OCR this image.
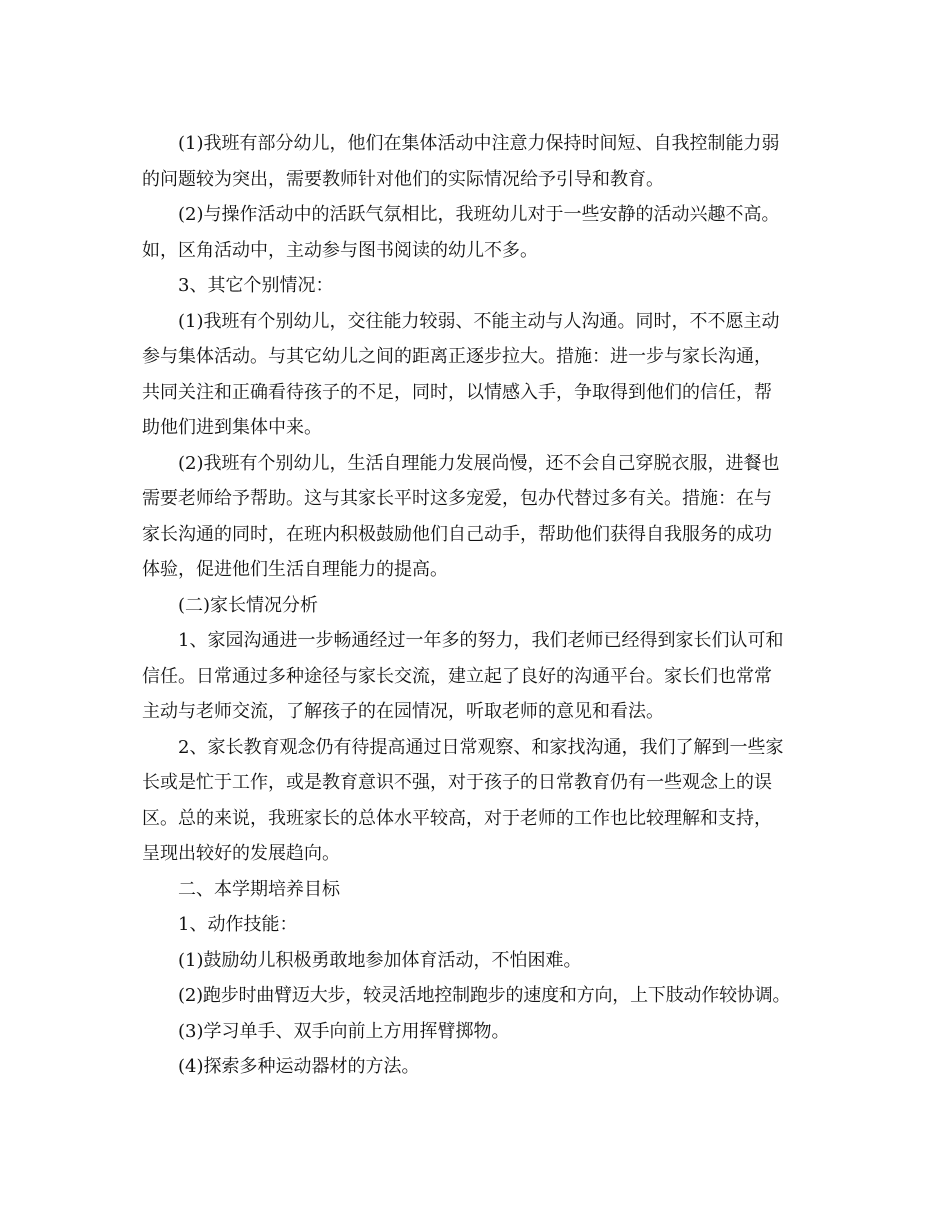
(1)我班有部分幼儿，他们在集体活动中注意力保持时间短、自我控制能力弱
的问题较为突出，需要教师针对他们的实际情况给予引导和教育。
(2)与操作活动中的活跃气氛相比，我班幼儿对于一些安静的活动兴趣不高。
如，区角活动中，主动参与图书阅读的幼儿不多。
3、其它个别情况：
(1)我班有个别幼儿，交往能力较弱、不能主动与人沟通。同时，不不愿主动
参与集体活动。与其它幼儿之间的距离正逐步拉大。措施：进一步与家长沟通，
共同关注和正确看待孩子的不足，同时，以情感入手，争取得到他们的信任，帮
助他们进到集体中来。
(2)我班有个别幼儿，生活自理能力发展尚慢，还不会自己穿脱衣服，进餐也
需要老师给予帮助。这与其家长平时这多宠爱，包办代替过多有关。措施：在与
家长沟通的同时，在班内积极鼓励他们自己动手，帮助他们获得自我服务的成功
体验，促进他们生活自理能力的提高。
(二)家长情况分析
1、家园沟通进一步畅通经过一年多的努力，我们老师已经得到家长们认可和
信任。日常通过多种途径与家长交流，建立起了良好的沟通平台。家长们也常常
主动与老师交流，了解孩子的在园情况，听取老师的意见和看法。
2、家长教育观念仍有待提高通过日常观察、和家找沟通，我们了解到一些家
长或是忙于工作，或是教育意识不强，对于孩子的日常教育仍有一些观念上的误
区。总的来说，我班家长的总体水平较高，对于老师的工作也比较理解和支持，
呈现出较好的发展趋向。
二、本学期培养目标
1、动作技能：
(1)鼓励幼儿积极勇敢地参加体育活动，不怕困难。
(2)跑步时曲臂迈大步，较灵活地控制跑步的速度和方向，上下肢动作较协调。
(3)学习单手、双手向前上方用挥臂掷物。
(4)探索多种运动器材的方法。
